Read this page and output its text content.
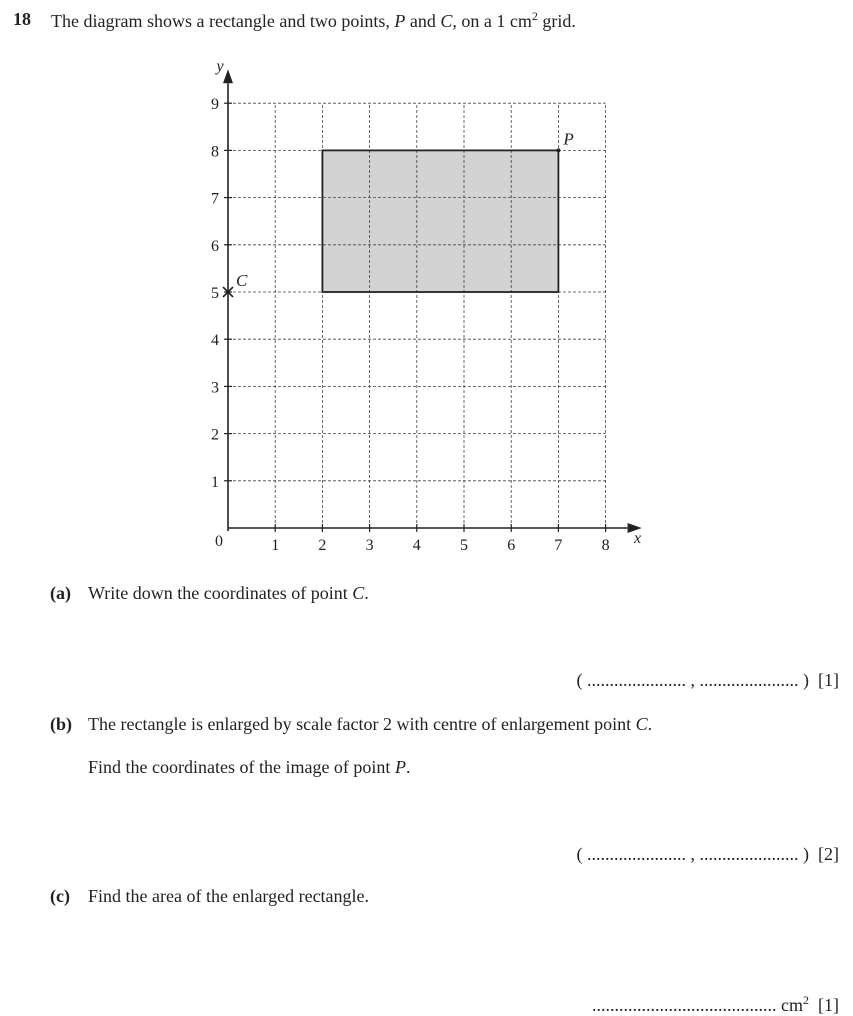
18 The diagram shows a rectangle and two points, P and C, on a 1 $cm^2$ grid.
1 2 3 4 5 6 7 8
1
2
3
4
5
6
7
8
9
0	x
y
P
C
(a) Write down the coordinates of point C.
( ...................... , ...................... ) [1]
(b) The rectangle is enlarged by scale factor 2 with centre of enlargement point C.
Find the coordinates of the image of point P.
( ...................... , ...................... ) [2]
(c) Find the area of the enlarged rectangle.
......................................... $cm^2$ [1]
